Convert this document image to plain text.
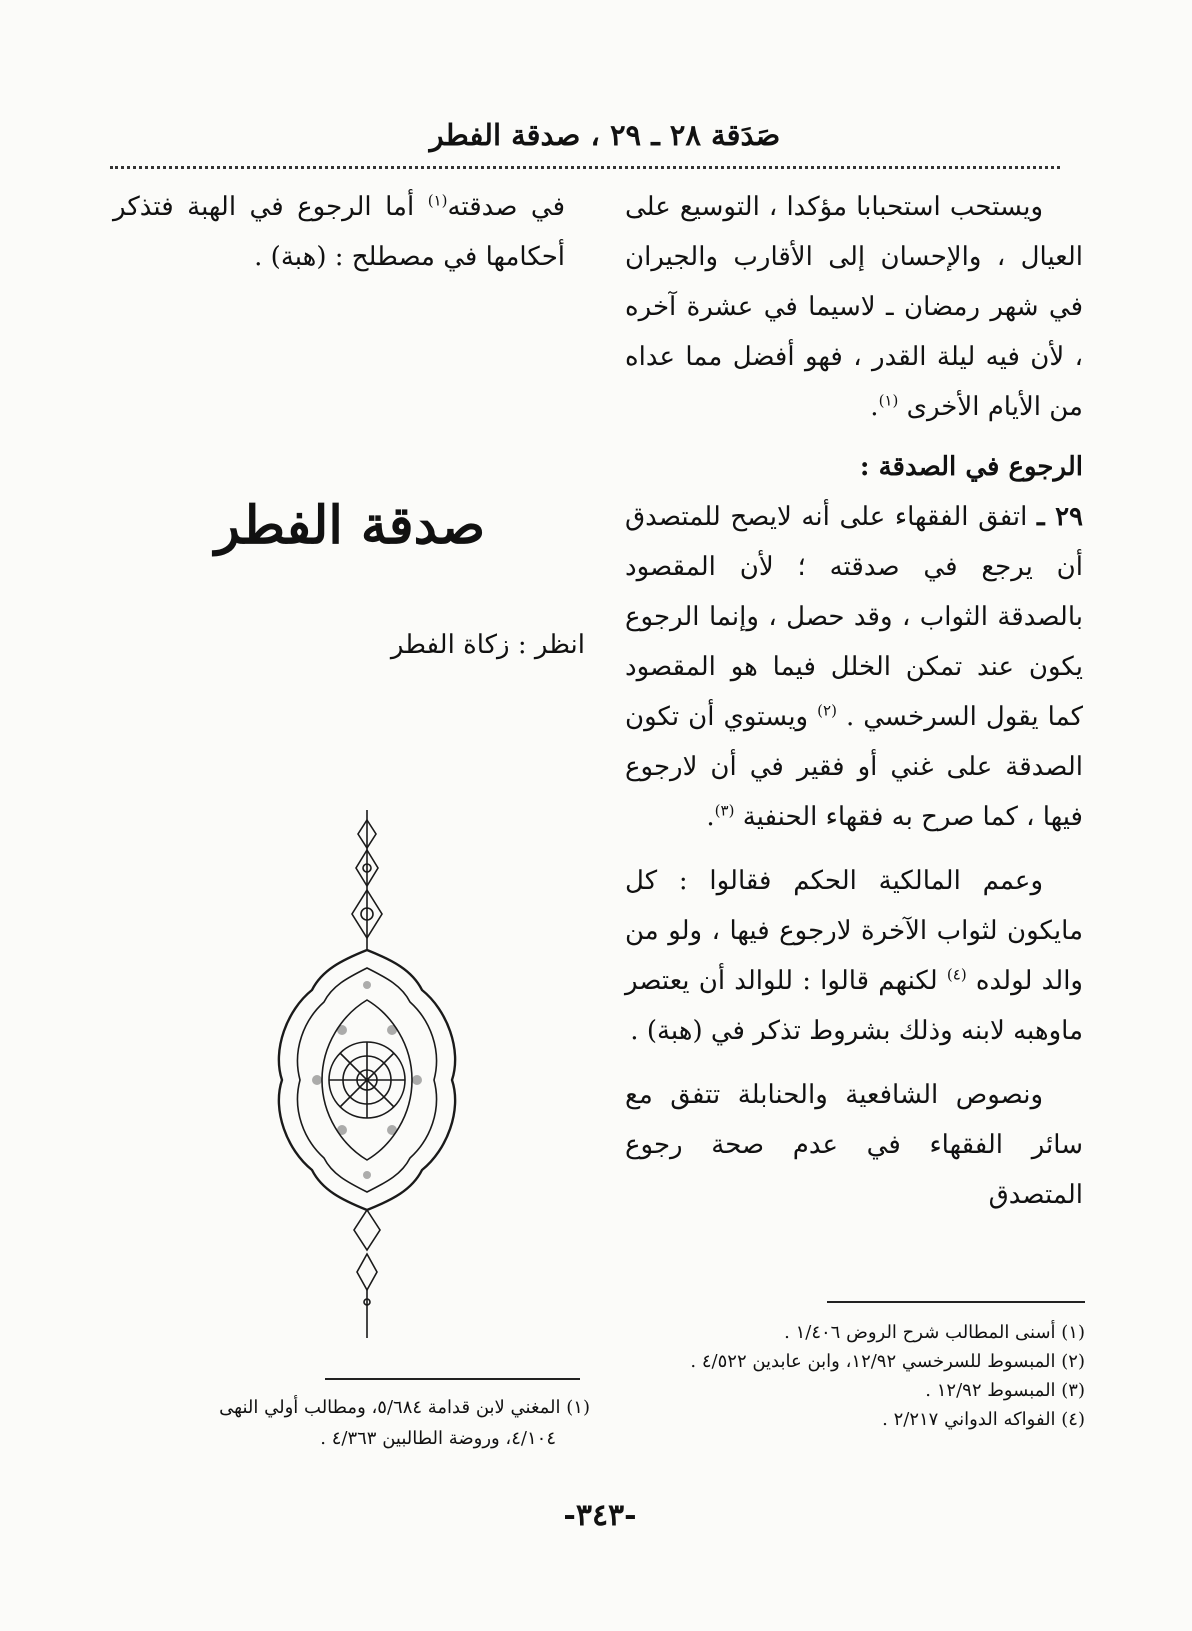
صَدَقة ٢٨ ـ ٢٩ ، صدقة الفطر

ويستحب استحبابا مؤكدا ، التوسيع على العيال ، والإحسان إلى الأقارب والجيران في شهر رمضان ـ لاسيما في عشرة آخره ، لأن فيه ليلة القدر ، فهو أفضل مما عداه من الأيام الأخرى $^{(١)}$.

الرجوع في الصدقة :

٢٩ ـ اتفق الفقهاء على أنه لايصح للمتصدق أن يرجع في صدقته ؛ لأن المقصود بالصدقة الثواب ، وقد حصل ، وإنما الرجوع يكون عند تمكن الخلل فيما هو المقصود كما يقول السرخسي . $^{(٢)}$ ويستوي أن تكون الصدقة على غني أو فقير في أن لارجوع فيها ، كما صرح به فقهاء الحنفية $^{(٣)}$.

وعمم المالكية الحكم فقالوا : كل مايكون لثواب الآخرة لارجوع فيها ، ولو من والد لولده $^{(٤)}$ لكنهم قالوا : للوالد أن يعتصر ماوهبه لابنه وذلك بشروط تذكر في (هبة) .

ونصوص الشافعية والحنابلة تتفق مع سائر الفقهاء في عدم صحة رجوع المتصدق

في صدقته$^{(١)}$ أما الرجوع في الهبة فتذكر أحكامها في مصطلح : (هبة) .

صدقة الفطر
انظر : زكاة الفطر
(١) أسنى المطالب شرح الروض ١/٤٠٦ .
(٢) المبسوط للسرخسي ١٢/٩٢، وابن عابدين ٤/٥٢٢ .
(٣) المبسوط ١٢/٩٢ .
(٤) الفواكه الدواني ٢/٢١٧ .
(١) المغني لابن قدامة ٥/٦٨٤، ومطالب أولي النهى
٤/١٠٤، وروضة الطالبين ٤/٣٦٣ .
-٣٤٣-
